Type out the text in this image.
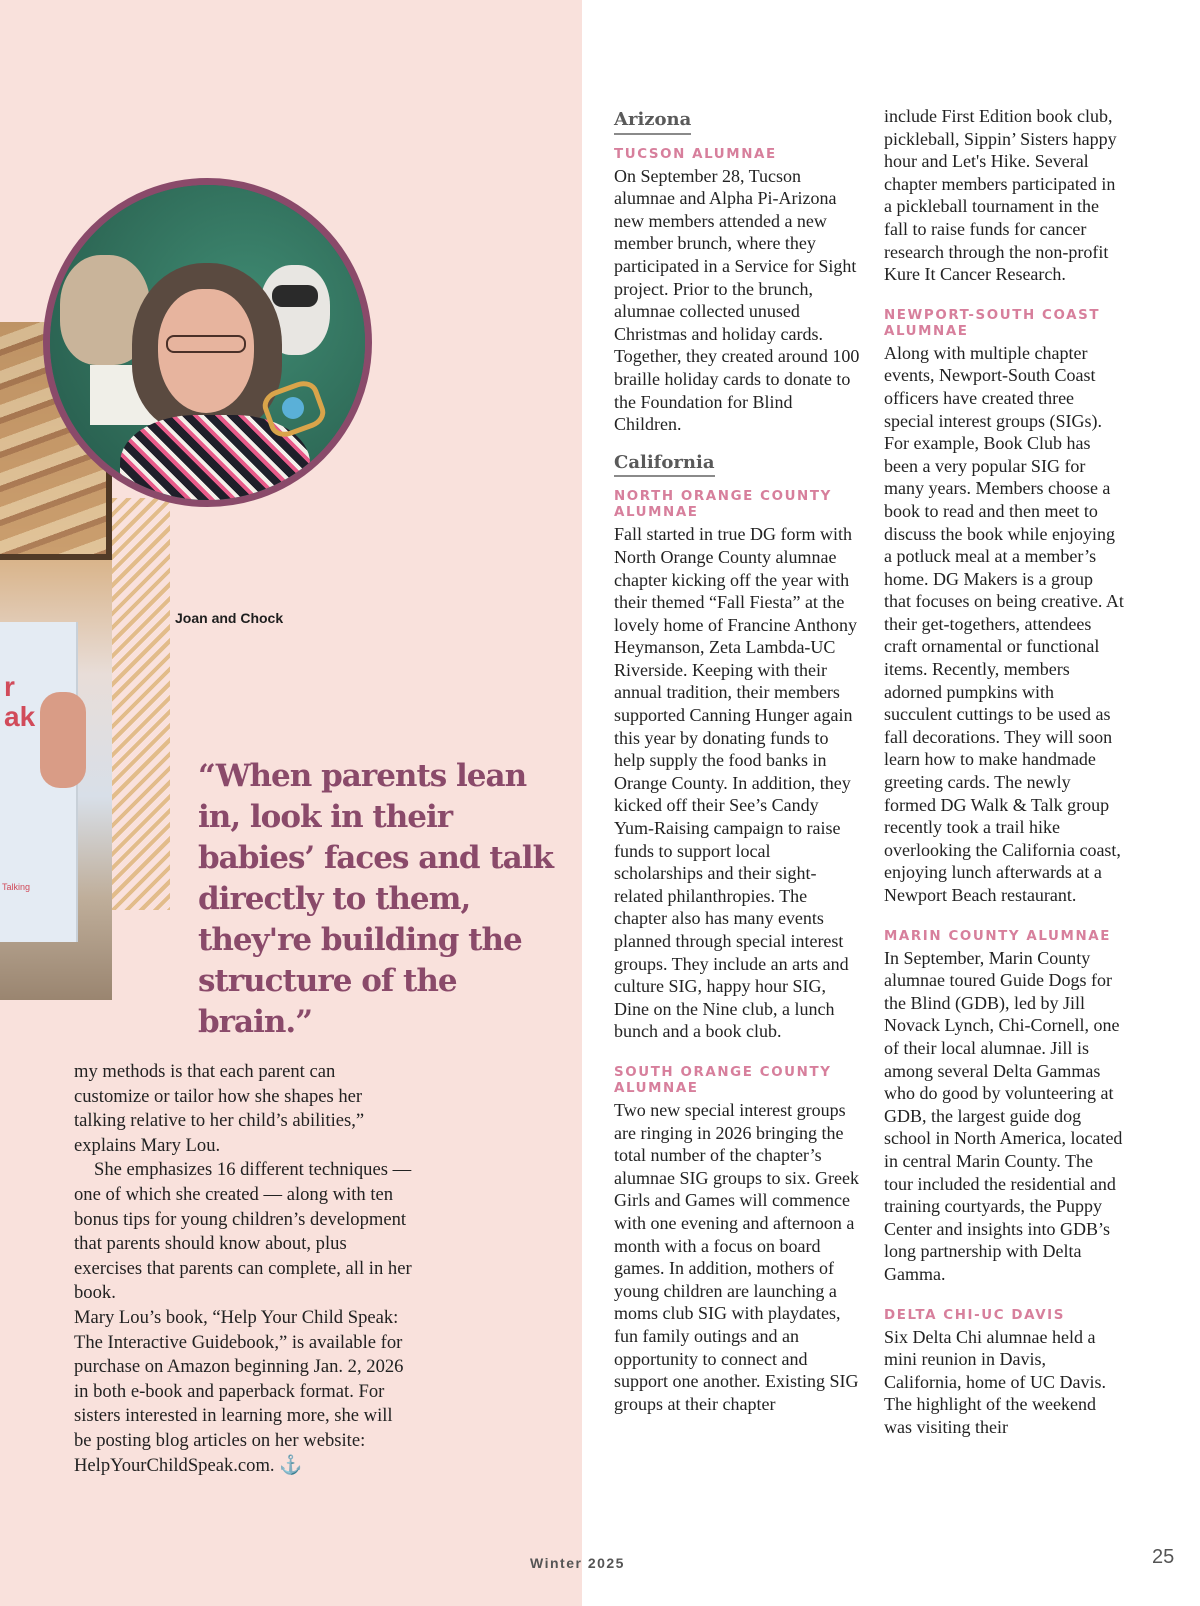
r
ak
Talking
Joan and Chock
“When parents lean in, look in their babies’ faces and talk directly to them, they're building the structure of the brain.”

my methods is that each parent can customize or tailor how she shapes her talking relative to her child’s abilities,” explains Mary Lou.

She emphasizes 16 different techniques — one of which she created — along with ten bonus tips for young children’s development that parents should know about, plus exercises that parents can complete, all in her book.

Mary Lou’s book, “Help Your Child Speak: The Interactive Guidebook,” is available for purchase on Amazon beginning Jan. 2, 2026 in both e-book and paperback format. For sisters interested in learning more, she will be posting blog articles on her website: HelpYourChildSpeak.com. ⚓

Arizona
TUCSON ALUMNAE

On September 28, Tucson alumnae and Alpha Pi-Arizona new members attended a new member brunch, where they participated in a Service for Sight project. Prior to the brunch, alumnae collected unused Christmas and holiday cards. Together, they created around 100 braille holiday cards to donate to the Foundation for Blind Children.

California
NORTH ORANGE COUNTY ALUMNAE

Fall started in true DG form with North Orange County alumnae chapter kicking off the year with their themed “Fall Fiesta” at the lovely home of Francine Anthony Heymanson, Zeta Lambda-UC Riverside. Keeping with their annual tradition, their members supported Canning Hunger again this year by donating funds to help supply the food banks in Orange County. In addition, they kicked off their See’s Candy Yum-Raising campaign to raise funds to support local scholarships and their sight-related philanthropies. The chapter also has many events planned through special interest groups. They include an arts and culture SIG, happy hour SIG, Dine on the Nine club, a lunch bunch and a book club.

SOUTH ORANGE COUNTY ALUMNAE

Two new special interest groups are ringing in 2026 bringing the total number of the chapter’s alumnae SIG groups to six. Greek Girls and Games will commence with one evening and afternoon a month with a focus on board games. In addition, mothers of young children are launching a moms club SIG with playdates, fun family outings and an opportunity to connect and support one another. Existing SIG groups at their chapter

include First Edition book club, pickleball, Sippin’ Sisters happy hour and Let's Hike. Several chapter members participated in a pickleball tournament in the fall to raise funds for cancer research through the non-profit Kure It Cancer Research.

NEWPORT-SOUTH COAST ALUMNAE

Along with multiple chapter events, Newport-South Coast officers have created three special interest groups (SIGs). For example, Book Club has been a very popular SIG for many years. Members choose a book to read and then meet to discuss the book while enjoying a potluck meal at a member’s home. DG Makers is a group that focuses on being creative. At their get-togethers, attendees craft ornamental or functional items. Recently, members adorned pumpkins with succulent cuttings to be used as fall decorations. They will soon learn how to make handmade greeting cards. The newly formed DG Walk & Talk group recently took a trail hike overlooking the California coast, enjoying lunch afterwards at a Newport Beach restaurant.

MARIN COUNTY ALUMNAE

In September, Marin County alumnae toured Guide Dogs for the Blind (GDB), led by Jill Novack Lynch, Chi-Cornell, one of their local alumnae. Jill is among several Delta Gammas who do good by volunteering at GDB, the largest guide dog school in North America, located in central Marin County. The tour included the residential and training courtyards, the Puppy Center and insights into GDB’s long partnership with Delta Gamma.

DELTA CHI-UC DAVIS

Six Delta Chi alumnae held a mini reunion in Davis, California, home of UC Davis. The highlight of the weekend was visiting their

Winter 2025	25
